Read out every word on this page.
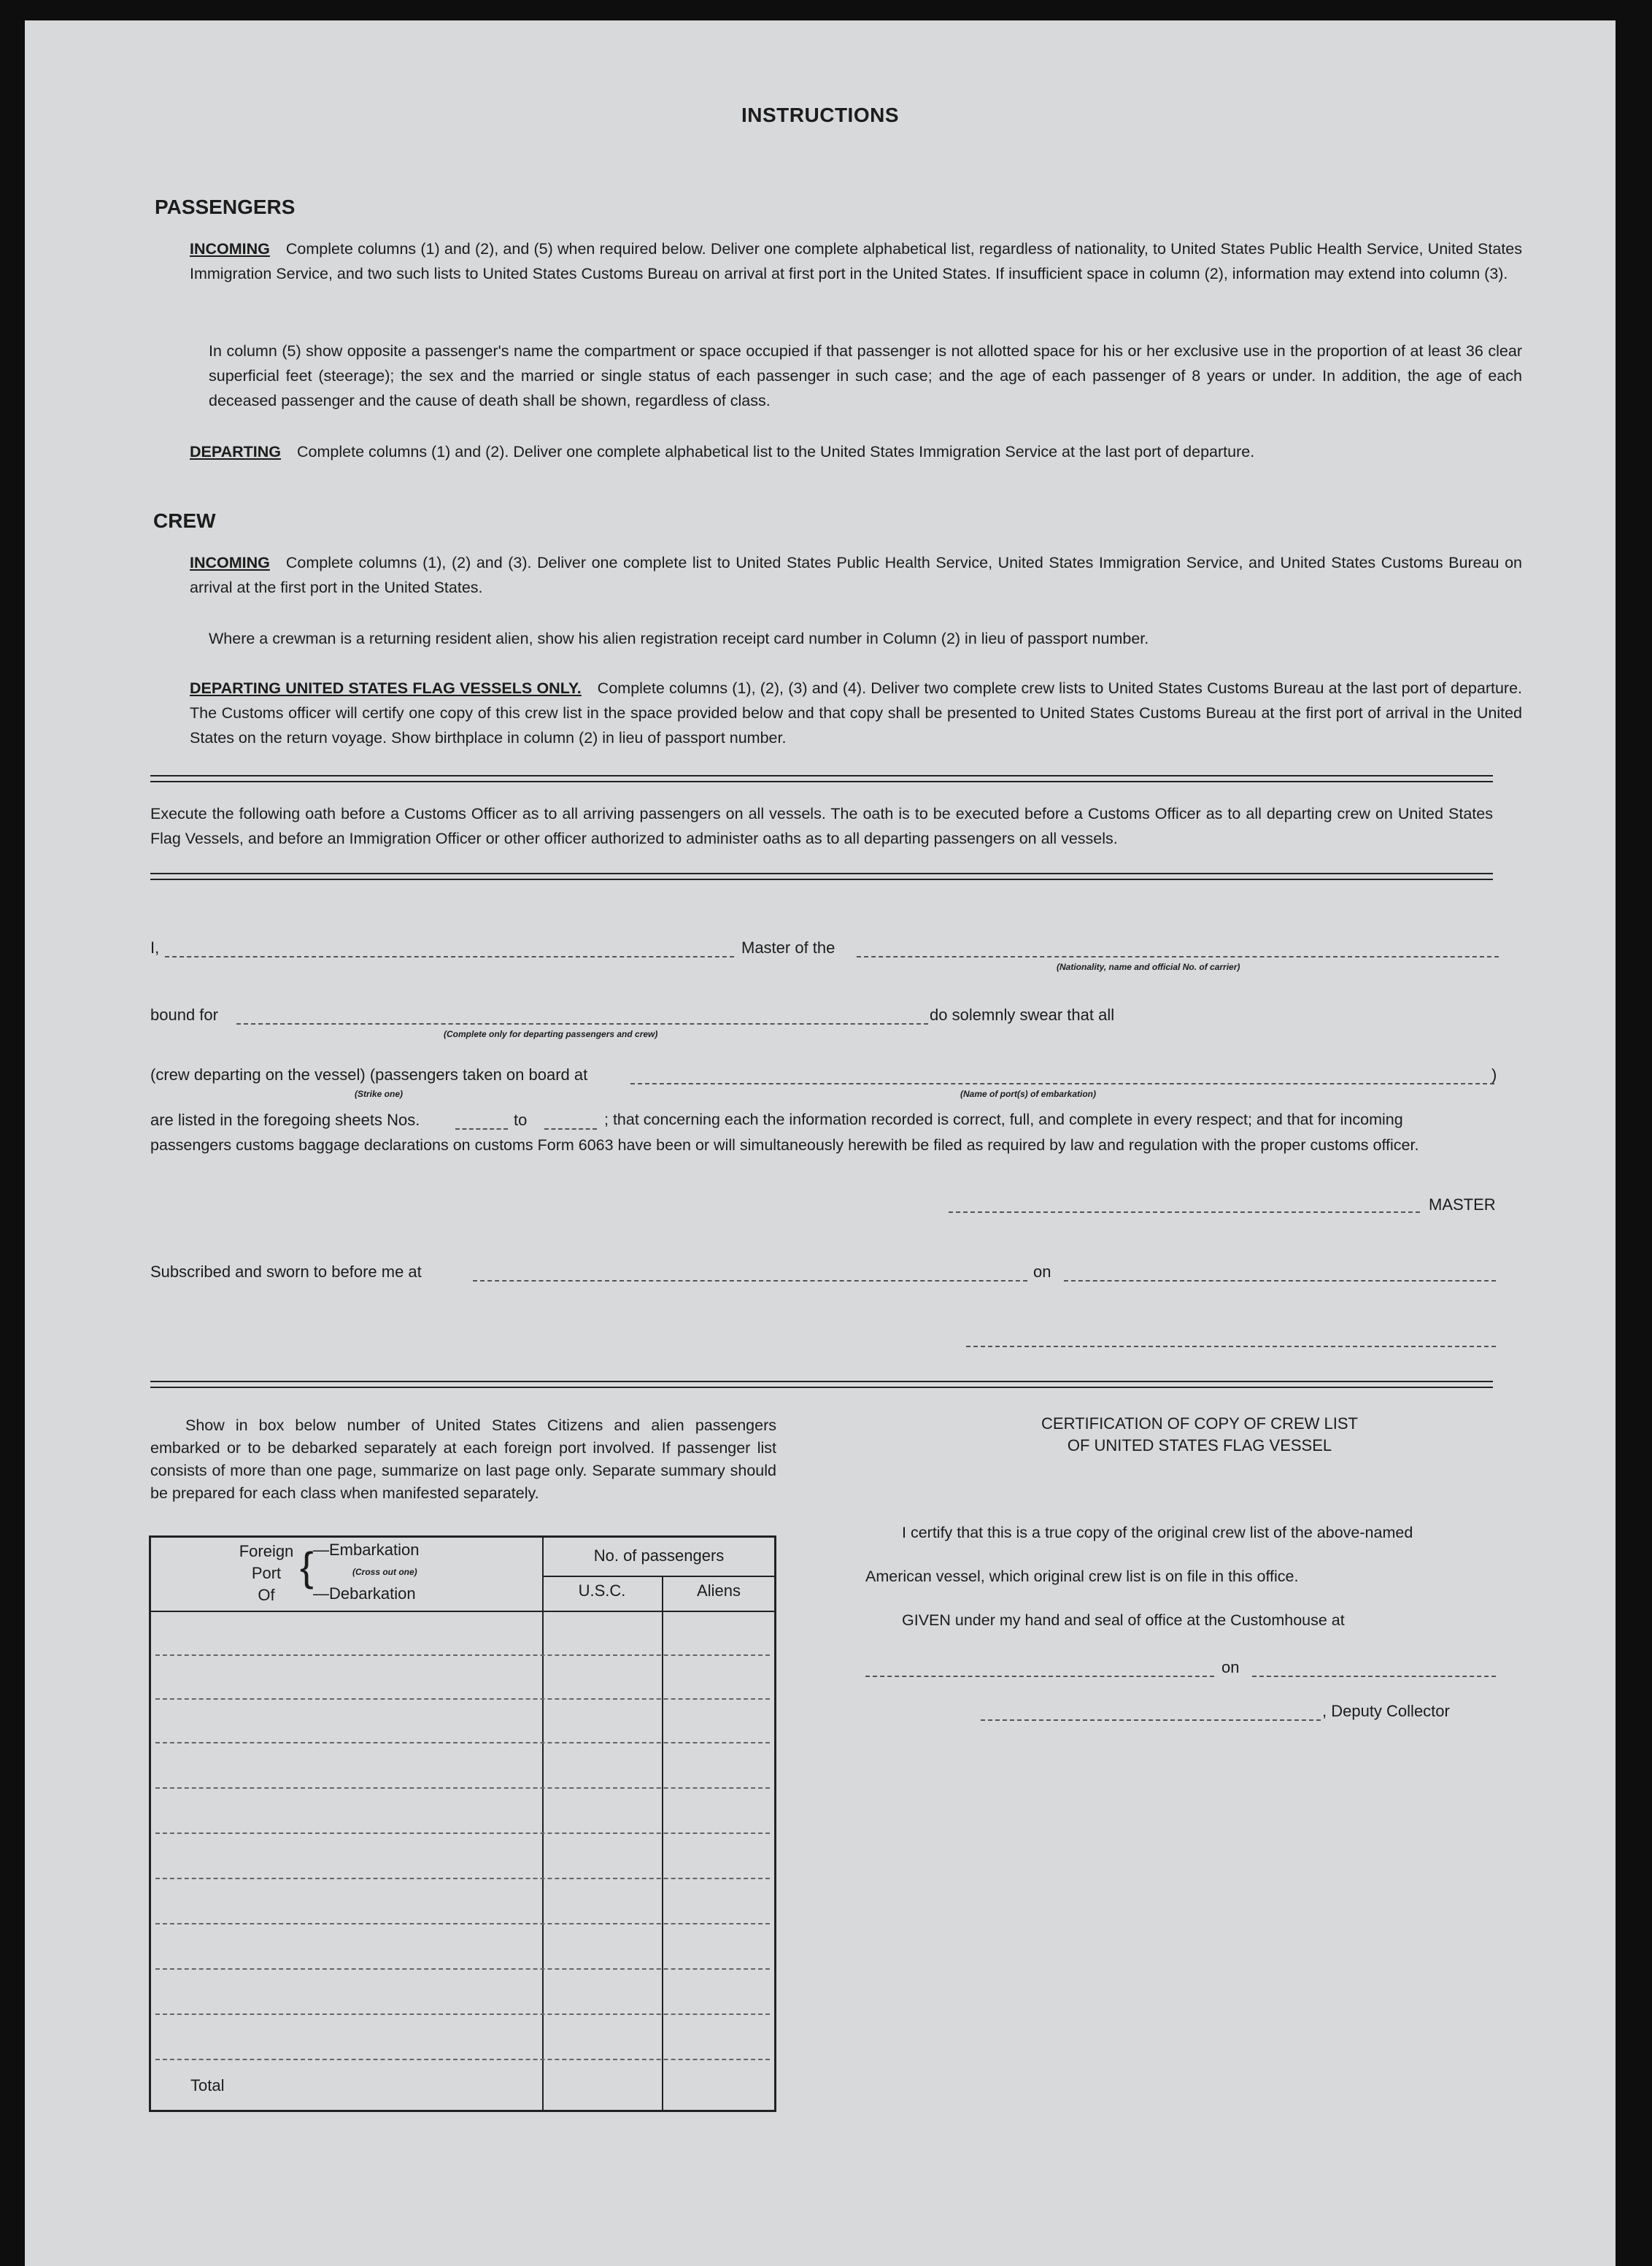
INSTRUCTIONS
PASSENGERS
INCOMING Complete columns (1) and (2), and (5) when required below. Deliver one complete alphabetical list, regardless of nationality, to United States Public Health Service, United States Immigration Service, and two such lists to United States Customs Bureau on arrival at first port in the United States. If insufficient space in column (2), information may extend into column (3).
In column (5) show opposite a passenger's name the compartment or space occupied if that passenger is not allotted space for his or her exclusive use in the proportion of at least 36 clear superficial feet (steerage); the sex and the married or single status of each passenger in such case; and the age of each passenger of 8 years or under. In addition, the age of each deceased passenger and the cause of death shall be shown, regardless of class.
DEPARTING Complete columns (1) and (2). Deliver one complete alphabetical list to the United States Immigration Service at the last port of departure.
CREW
INCOMING Complete columns (1), (2) and (3). Deliver one complete list to United States Public Health Service, United States Immigration Service, and United States Customs Bureau on arrival at the first port in the United States.
Where a crewman is a returning resident alien, show his alien registration receipt card number in Column (2) in lieu of passport number.
DEPARTING UNITED STATES FLAG VESSELS ONLY. Complete columns (1), (2), (3) and (4). Deliver two complete crew lists to United States Customs Bureau at the last port of departure. The Customs officer will certify one copy of this crew list in the space provided below and that copy shall be presented to United States Customs Bureau at the first port of arrival in the United States on the return voyage. Show birthplace in column (2) in lieu of passport number.
Execute the following oath before a Customs Officer as to all arriving passengers on all vessels. The oath is to be executed before a Customs Officer as to all departing crew on United States Flag Vessels, and before an Immigration Officer or other officer authorized to administer oaths as to all departing passengers on all vessels.
I,	Master of the
(Nationality, name and official No. of carrier)
bound for
(Complete only for departing passengers and crew)
do solemnly swear that all
(crew departing on the vessel) (passengers taken on board at	)
(Strike one)	(Name of port(s) of embarkation)
are listed in the foregoing sheets Nos.	to	; that concerning each the information recorded is correct, full, and complete in every respect; and that for incoming
passengers customs baggage declarations on customs Form 6063 have been or will simultaneously herewith be filed as required by law and regulation with the proper customs officer.
MASTER
Subscribed and sworn to before me at	on
Show in box below number of United States Citizens and alien passengers embarked or to be debarked separately at each foreign port involved. If passenger list consists of more than one page, summarize on last page only. Separate summary should be prepared for each class when manifested separately.
Foreign
Port
Of
{ —Embarkation
(Cross out one)
—Debarkation
No. of passengers
U.S.C.	Aliens
Total
CERTIFICATION OF COPY OF CREW LIST
OF UNITED STATES FLAG VESSEL
I certify that this is a true copy of the original crew list of the above-named
American vessel, which original crew list is on file in this office.
GIVEN under my hand and seal of office at the Customhouse at
on
, Deputy Collector
